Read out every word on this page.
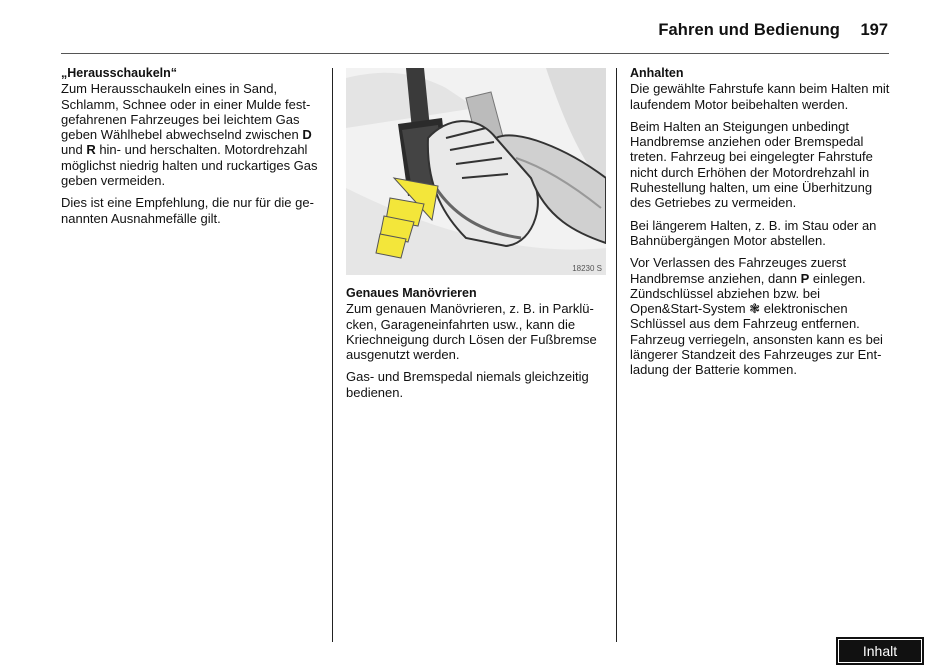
Fahren und Bedienung 197
„Herausschaukeln“

Zum Herausschaukeln eines in Sand, Schlamm, Schnee oder in einer Mulde festgefahrenen Fahrzeuges bei leichtem Gas geben Wählhebel abwechselnd zwischen D und R hin- und herschalten. Motordrehzahl möglichst niedrig halten und ruckartiges Gas geben vermeiden.

Dies ist eine Empfehlung, die nur für die genannten Ausnahmefälle gilt.

18230 S
Genaues Manövrieren

Zum genauen Manövrieren, z. B. in Parklücken, Garageneinfahrten usw., kann die Kriechneigung durch Lösen der Fußbremse ausgenutzt werden.

Gas- und Bremspedal niemals gleichzeitig bedienen.

Anhalten

Die gewählte Fahrstufe kann beim Halten mit laufendem Motor beibehalten werden.

Beim Halten an Steigungen unbedingt Handbremse anziehen oder Bremspedal treten. Fahrzeug bei eingelegter Fahrstufe nicht durch Erhöhen der Motordrehzahl in Ruhestellung halten, um eine Überhitzung des Getriebes zu vermeiden.

Bei längerem Halten, z. B. im Stau oder an Bahnübergängen Motor abstellen.

Vor Verlassen des Fahrzeuges zuerst Handbremse anziehen, dann P einlegen. Zündschlüssel abziehen bzw. bei Open&Start-System ❃ elektronischen Schlüssel aus dem Fahrzeug entfernen. Fahrzeug verriegeln, ansonsten kann es bei längerer Standzeit des Fahrzeuges zur Entladung der Batterie kommen.

Inhalt
